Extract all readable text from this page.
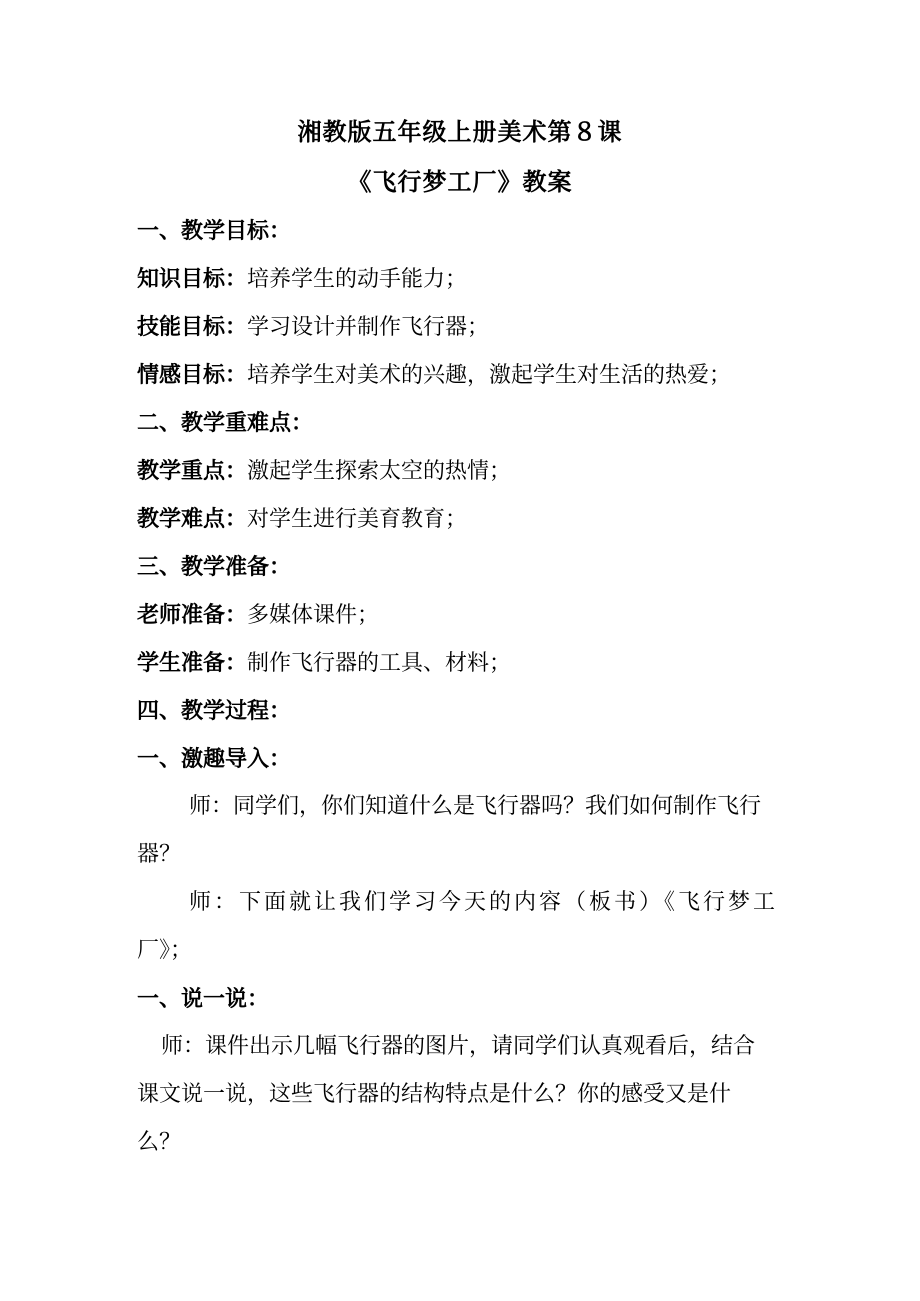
湘教版五年级上册美术第８课
《飞行梦工厂》教案
一、教学目标：
知识目标：培养学生的动手能力；
技能目标：学习设计并制作飞行器；
情感目标：培养学生对美术的兴趣，激起学生对生活的热爱；
二、教学重难点：
教学重点：激起学生探索太空的热情；
教学难点：对学生进行美育教育；
三、教学准备：
老师准备：多媒体课件；
学生准备：制作飞行器的工具、材料；
四、教学过程：
一、激趣导入：
师：同学们，你们知道什么是飞行器吗？我们如何制作飞行
器？
师：下面就让我们学习今天的内容（板书）《飞行梦工
厂》；
一、说一说：
师：课件出示几幅飞行器的图片，请同学们认真观看后，结合
课文说一说，这些飞行器的结构特点是什么？你的感受又是什
么？
